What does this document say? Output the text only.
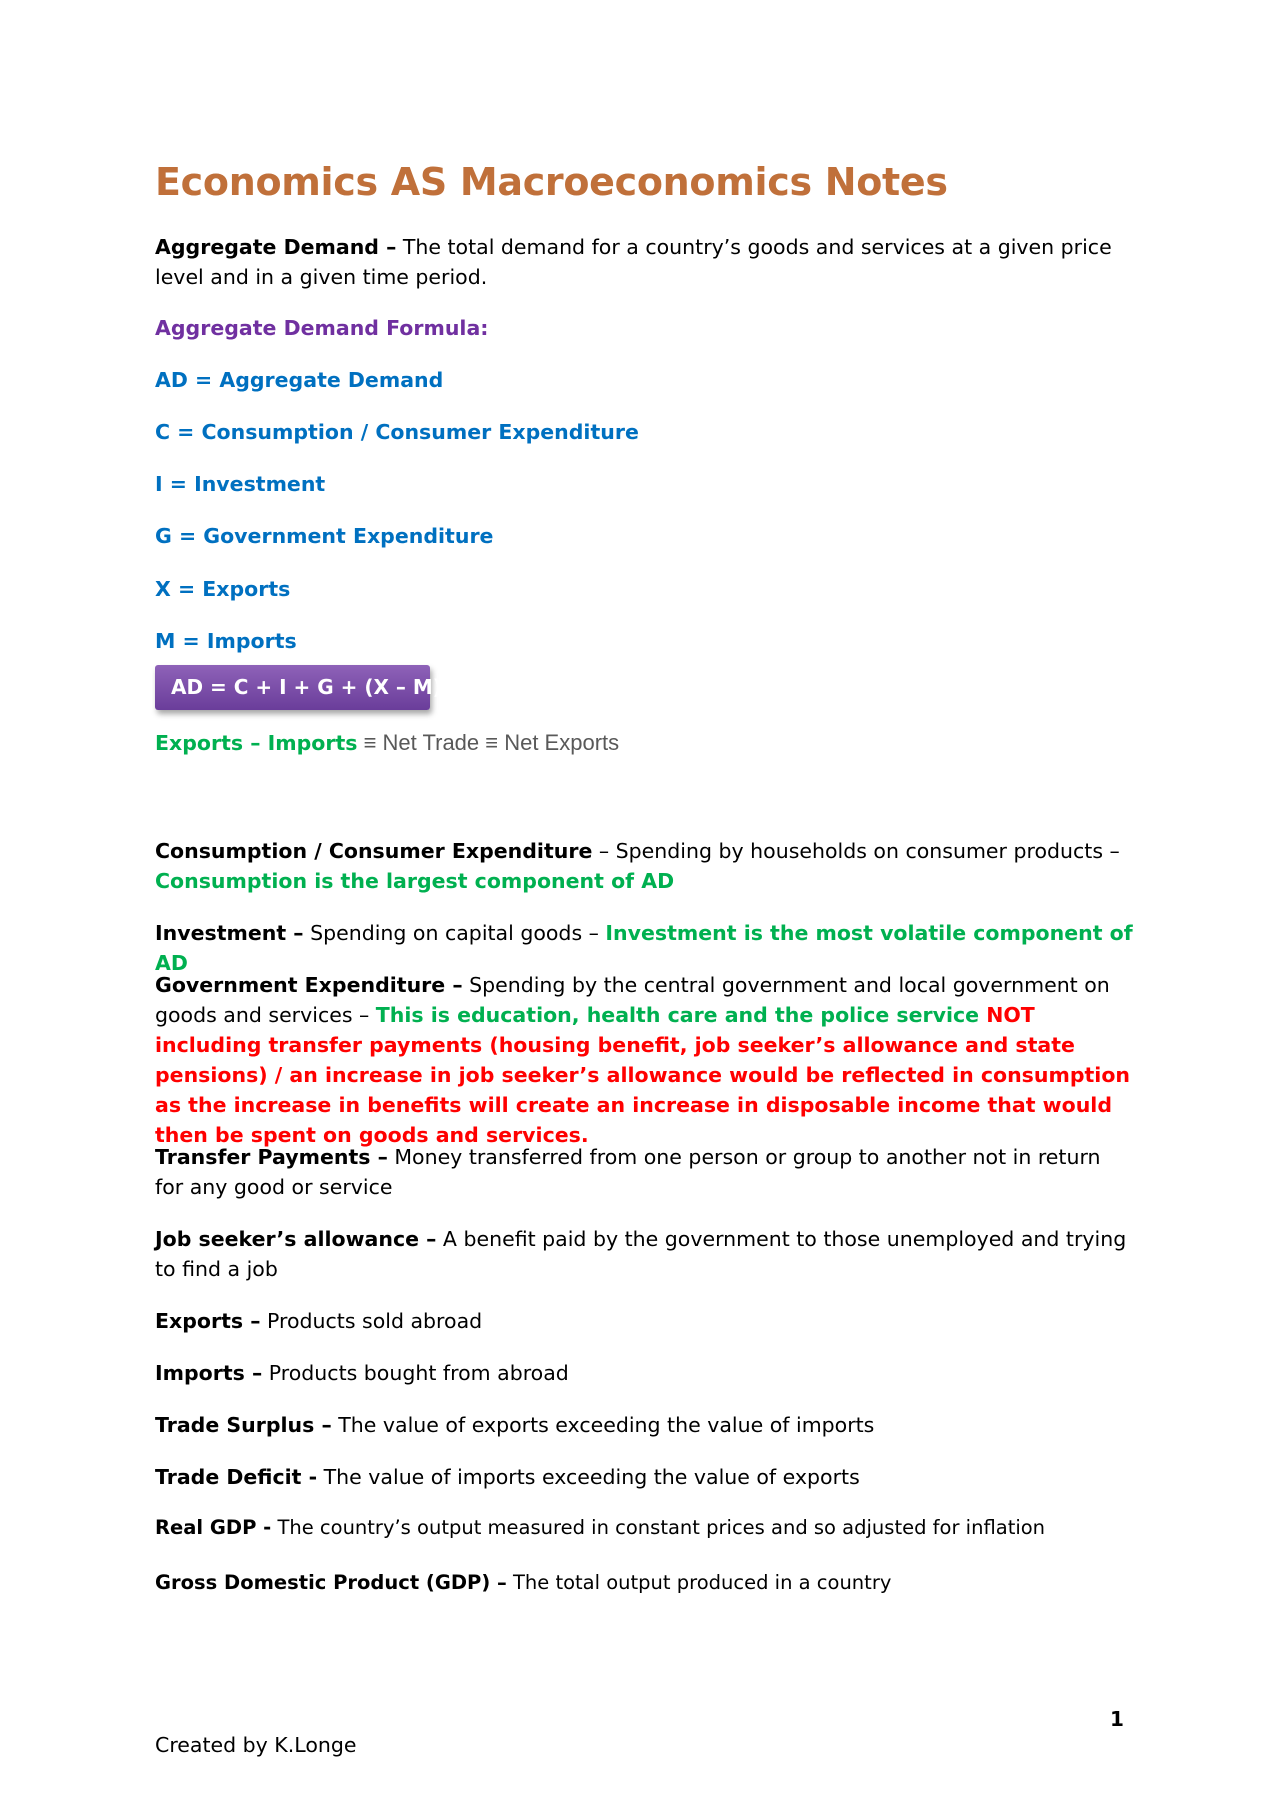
Economics AS Macroeconomics Notes
Aggregate Demand – The total demand for a country’s goods and services at a given price level and in a given time period.
Aggregate Demand Formula:
AD = Aggregate Demand
C = Consumption / Consumer Expenditure
I = Investment
G = Government Expenditure
X = Exports
M = Imports
AD = C + I + G + (X – M)
Exports – Imports ≡ Net Trade ≡ Net Exports
Consumption / Consumer Expenditure – Spending by households on consumer products – Consumption is the largest component of AD
Investment – Spending on capital goods – Investment is the most volatile component of AD
Government Expenditure – Spending by the central government and local government on goods and services – This is education, health care and the police service NOT including transfer payments (housing benefit, job seeker’s allowance and state pensions) / an increase in job seeker’s allowance would be reflected in consumption as the increase in benefits will create an increase in disposable income that would then be spent on goods and services.
Transfer Payments – Money transferred from one person or group to another not in return for any good or service
Job seeker’s allowance – A benefit paid by the government to those unemployed and trying to find a job
Exports – Products sold abroad
Imports – Products bought from abroad
Trade Surplus – The value of exports exceeding the value of imports
Trade Deficit - The value of imports exceeding the value of exports
Real GDP - The country’s output measured in constant prices and so adjusted for inflation
Gross Domestic Product (GDP) – The total output produced in a country
1
Created by K.Longe
